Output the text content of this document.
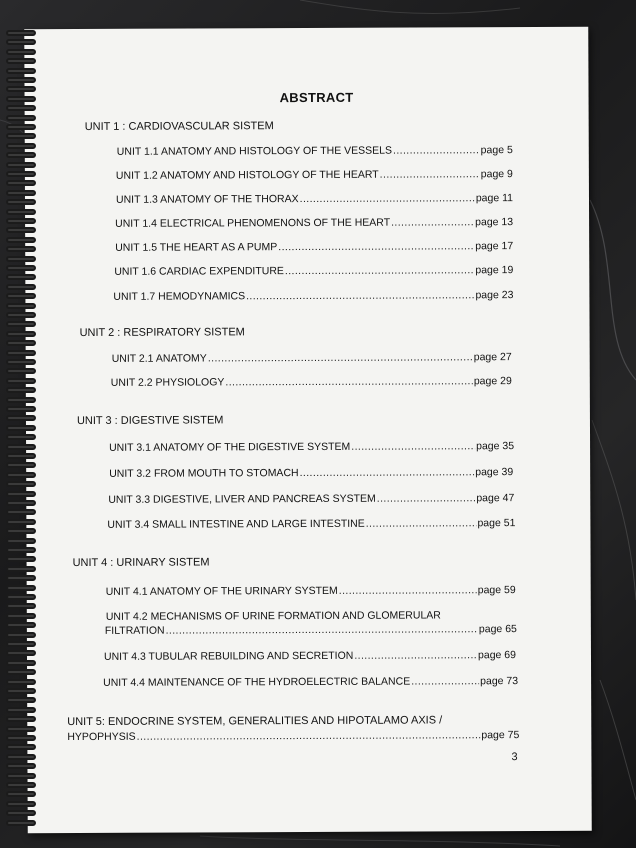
ABSTRACT
UNIT 1 : CARDIOVASCULAR SISTEM
UNIT 1.1 ANATOMY AND HISTOLOGY OF THE VESSELS .....	page 5
UNIT 1.2 ANATOMY AND HISTOLOGY OF THE HEART .....	page 9
UNIT 1.3 ANATOMY OF THE THORAX .....	page 11
UNIT 1.4 ELECTRICAL PHENOMENONS OF THE HEART .....	page 13
UNIT 1.5 THE HEART AS A PUMP .....	page 17
UNIT 1.6 CARDIAC EXPENDITURE .....	page 19
UNIT 1.7 HEMODYNAMICS .....	page 23
UNIT 2 : RESPIRATORY SISTEM
UNIT 2.1 ANATOMY .....	page 27
UNIT 2.2 PHYSIOLOGY .....	page 29
UNIT 3 : DIGESTIVE SISTEM
UNIT 3.1 ANATOMY OF THE DIGESTIVE SYSTEM .....	page 35
UNIT 3.2 FROM MOUTH TO STOMACH .....	page 39
UNIT 3.3 DIGESTIVE, LIVER AND PANCREAS SYSTEM .....	page 47
UNIT 3.4 SMALL INTESTINE AND LARGE INTESTINE .....	page 51
UNIT 4 : URINARY SISTEM
UNIT 4.1 ANATOMY OF THE URINARY SYSTEM .....	page 59
UNIT 4.2 MECHANISMS OF URINE FORMATION AND GLOMERULAR
FILTRATION .....	page 65
UNIT 4.3 TUBULAR REBUILDING AND SECRETION .....	page 69
UNIT 4.4 MAINTENANCE OF THE HYDROELECTRIC BALANCE .....	page 73
UNIT 5: ENDOCRINE SYSTEM, GENERALITIES AND HIPOTALAMO AXIS /
HYPOPHYSIS .....	page 75
3
